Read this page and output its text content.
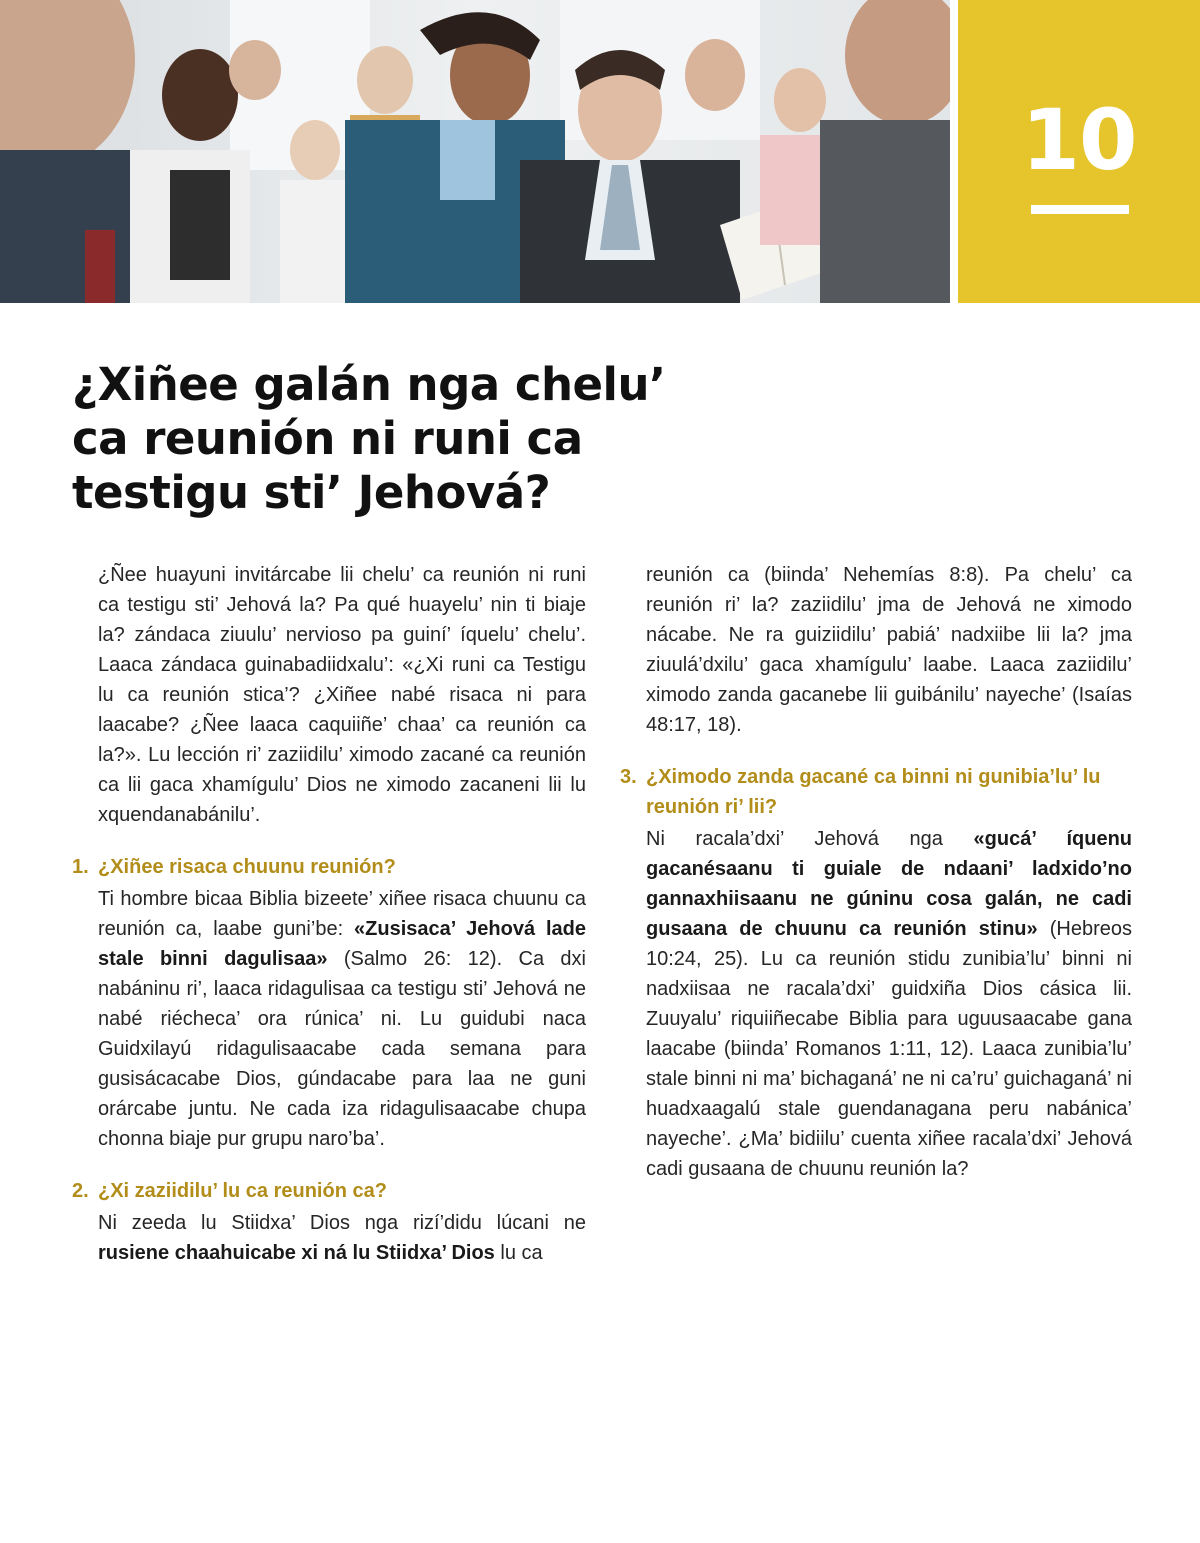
10
¿Xiñee galán nga chelu’ ca reunión ni runi ca testigu sti’ Jehová?

¿Ñee huayuni invitárcabe lii chelu’ ca reunión ni runi ca testigu sti’ Jehová la? Pa qué huayelu’ nin ti biaje la? zándaca ziuulu’ nervioso pa guiní’ íquelu’ chelu’. Laaca zándaca guinabadiidxalu’: «¿Xi runi ca Testigu lu ca reunión stica’? ¿Xiñee nabé risaca ni para laacabe? ¿Ñee laaca caquiiñe’ chaa’ ca reunión ca la?». Lu lección ri’ zaziidilu’ ximodo zacané ca reunión ca lii gaca xhamígulu’ Dios ne ximodo zacaneni lii lu xquendanabánilu’.

1. ¿Xiñee risaca chuunu reunión?

Ti hombre bicaa Biblia bizeete’ xiñee risaca chuunu ca reunión ca, laabe guni’be: «Zusisaca’ Jehová lade stale binni dagulisaa» (Salmo 26: 12). Ca dxi nabáninu ri’, laaca ridagulisaa ca testigu sti’ Jehová ne nabé riécheca’ ora rúnica’ ni. Lu guidubi naca Guidxilayú ridagulisaacabe cada semana para gusisácacabe Dios, gúndacabe para laa ne guni orárcabe juntu. Ne cada iza ridagulisaacabe chupa chonna biaje pur grupu naro’ba’.

2. ¿Xi zaziidilu’ lu ca reunión ca?

Ni zeeda lu Stiidxa’ Dios nga rizí’didu lúcani ne rusiene chaahuicabe xi ná lu Stiidxa’ Dios lu ca

reunión ca (biinda’ Nehemías 8:8). Pa chelu’ ca reunión ri’ la? zaziidilu’ jma de Jehová ne ximodo nácabe. Ne ra guiziidilu’ pabiá’ nadxiibe lii la? jma ziuulá’dxilu’ gaca xhamígulu’ laabe. Laaca zaziidilu’ ximodo zanda gacanebe lii guibánilu’ nayeche’ (Isaías 48:17, 18).

3. ¿Ximodo zanda gacané ca binni ni gunibia’lu’ lu reunión ri’ lii?

Ni racala’dxi’ Jehová nga «gucá’ íquenu gacanésaanu ti guiale de ndaani’ ladxido’no gannaxhiisaanu ne gúninu cosa galán, ne cadi gusaana de chuunu ca reunión stinu» (Hebreos 10:24, 25). Lu ca reunión stidu zunibia’lu’ binni ni nadxiisaa ne racala’dxi’ guidxiña Dios cásica lii. Zuuyalu’ riquiiñecabe Biblia para uguusaacabe gana laacabe (biinda’ Romanos 1:11, 12). Laaca zunibia’lu’ stale binni ni ma’ bichaganá’ ne ni ca’ru’ guichaganá’ ni huadxaagalú stale guendanagana peru nabánica’ nayeche’. ¿Ma’ bidiilu’ cuenta xiñee racala’dxi’ Jehová cadi gusaana de chuunu reunión la?
